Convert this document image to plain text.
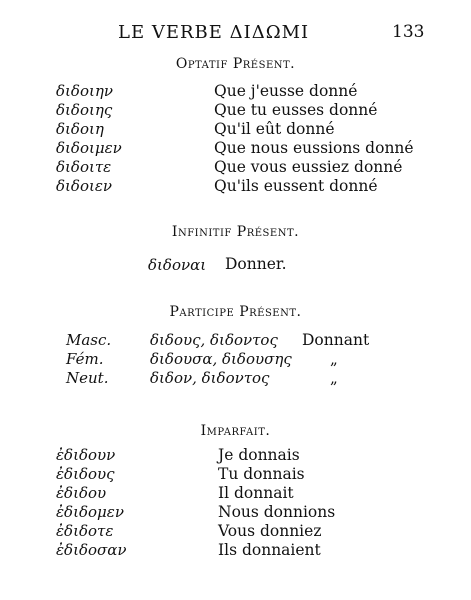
LE VERBE ΔΙΔΩΜΙ	133
Optatif Présent.
διδοιην	Que j'eusse donné
διδοιης	Que tu eusses donné
διδοιη	Qu'il eût donné
διδοιμεν	Que nous eussions donné
διδοιτε	Que vous eussiez donné
διδοιεν	Qu'ils eussent donné
Infinitif Présent.
διδοναι Donner.
Participe Présent.
Masc.	διδους, διδοντος Donnant
Fém.	διδουσα, διδουσης	„
Neut.	διδον, διδοντος	„
Imparfait.
ἐδιδουν	Je donnais
ἐδιδους	Tu donnais
ἐδιδου	Il donnait
ἐδιδομεν	Nous donnions
ἐδιδοτε	Vous donniez
ἐδιδοσαν	Ils donnaient
